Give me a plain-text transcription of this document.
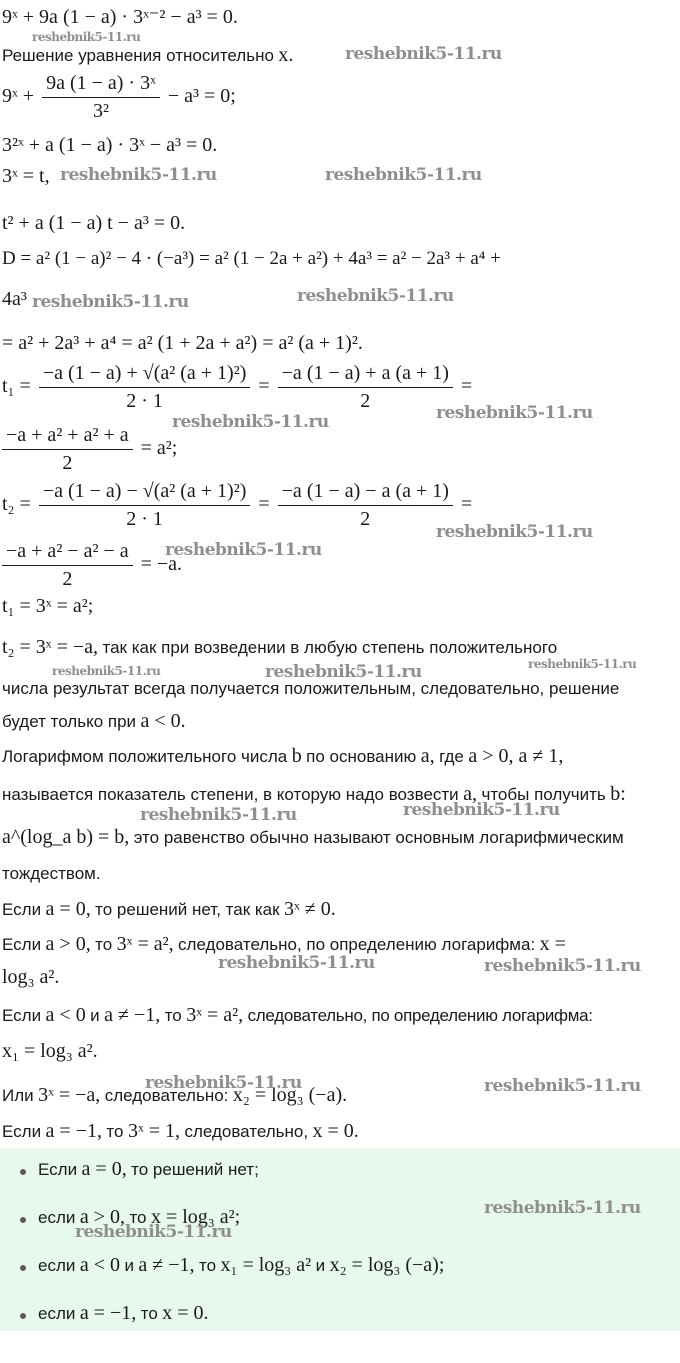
9ˣ + 9a (1 − a) · 3ˣ⁻² − a³ = 0.
reshebnik5-11.ru
Решение уравнения относительно x.	reshebnik5-11.ru
9ˣ + $\frac{\text{9a (1 − a) · 3ˣ}}{\text{3²}} - a^3 = 0$;
3²ˣ + a (1 − a) · 3ˣ − a³ = 0.
3ˣ = t, reshebnik5-11.ru	reshebnik5-11.ru
t² + a (1 − a) t − a³ = 0.
D = a² (1 − a)² − 4 · (−a³) = a² (1 − 2a + a²) + 4a³ = a² − 2a³ + a⁴ +
4a³ reshebnik5-11.ru	reshebnik5-11.ru
= a² + 2a³ + a⁴ = a² (1 + 2a + a²) = a² (a + 1)².
$t_1 = \frac{\text{−a (1 − a) + √(a² (a + 1)²)}}{2 \cdot 1} = \frac{-a (1 - a) + a (a + 1)}{2}$ =
reshebnik5-11.ru
reshebnik5-11.ru
$\frac{\text{−a + a² + a² + a}}{2} = a^2$;
$t_2 = \frac{\text{−a (1 − a) − √(a² (a + 1)²)}}{2 \cdot 1} = \frac{-a (1 - a) - a (a + 1)}{2}$ =
reshebnik5-11.ru
reshebnik5-11.ru
$\frac{\text{−a + a² − a² − a}}{2} = -a$.
t₁ = 3ˣ = a²;
t₂ = 3ˣ = −a, так как при возведении в любую степень положительного
reshebnik5-11.ru	reshebnik5-11.ru	reshebnik5-11.ru
числа результат всегда получается положительным, следовательно, решение
будет только при a < 0.
Логарифмом положительного числа b по основанию a, где a > 0, a ≠ 1,
называется показатель степени, в которую надо возвести a, чтобы получить b:
reshebnik5-11.ru	reshebnik5-11.ru
a^(log_a b) = b, это равенство обычно называют основным логарифмическим
тождеством.
Если a = 0, то решений нет, так как 3ˣ ≠ 0.
Если a > 0, то 3ˣ = a², следовательно, по определению логарифма: x =
log₃ a².
reshebnik5-11.ru	reshebnik5-11.ru
Если a < 0 и a ≠ −1, то 3ˣ = a², следовательно, по определению логарифма:
x₁ = log₃ a².
Или 3ˣ = −a, следовательно: x₂ = log₃ (−a).
reshebnik5-11.ru	reshebnik5-11.ru
Если a = −1, то 3ˣ = 1, следовательно, x = 0.
Если a = 0, то решений нет;
если a > 0, то x = log₃ a²;
если a < 0 и a ≠ −1, то x₁ = log₃ a² и x₂ = log₃ (−a);
если a = −1, то x = 0.
reshebnik5-11.ru
reshebnik5-11.ru
